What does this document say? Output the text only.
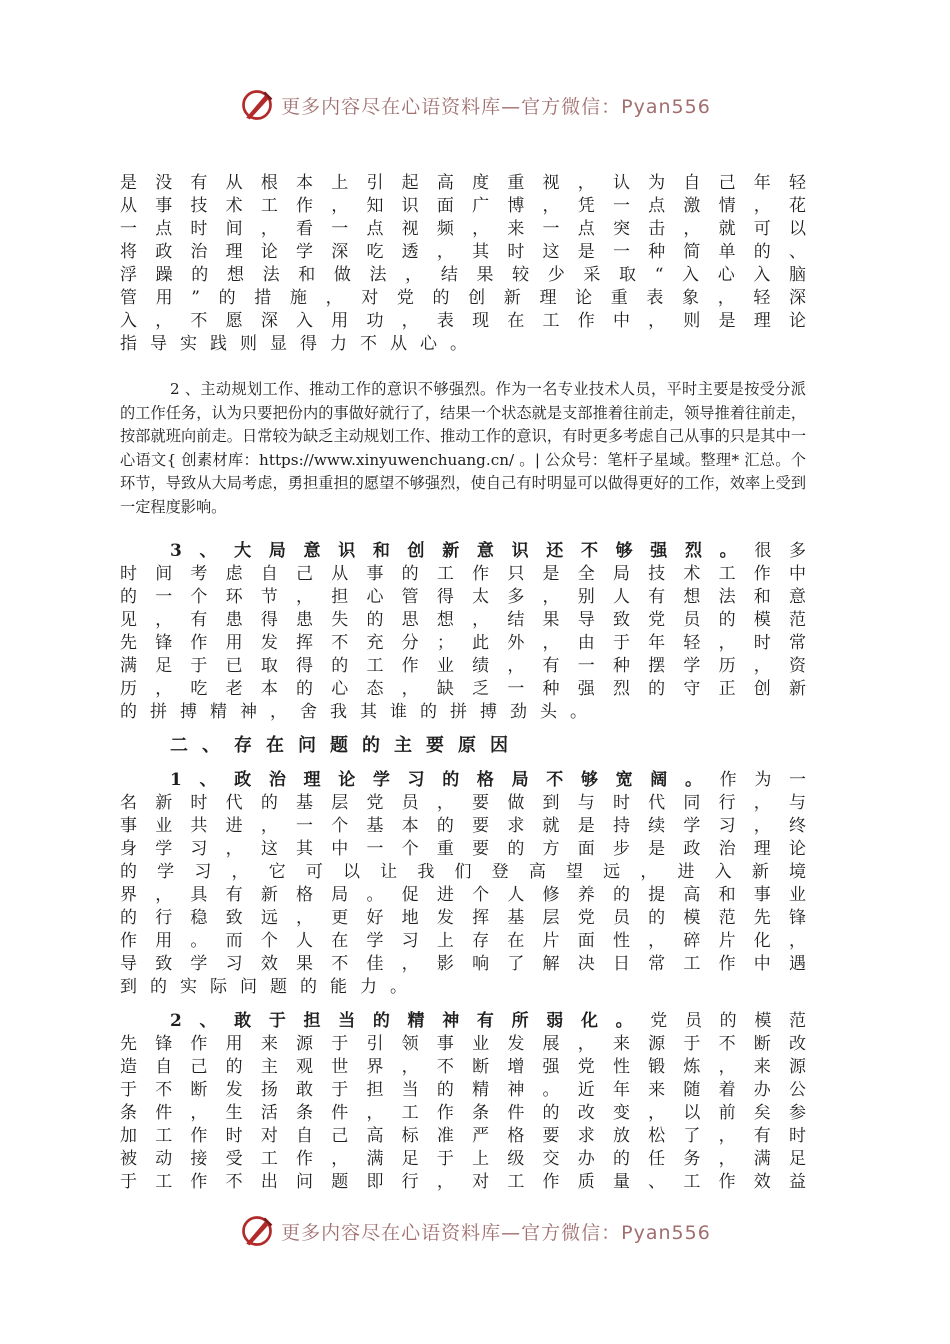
更多内容尽在心语资料库—官方微信：Pyan556
是没有从根本上引起高度重视，认为自己年轻
从事技术工作，知识面广博，凭一点激情，花
一点时间，看一点视频，来一点突击，就可以
将政治理论学深吃透，其时这是一种简单的、
浮躁的想法和做法，结果较少采取“入心入脑
管用”的措施，对党的创新理论重表象，轻深
入，不愿深入用功，表现在工作中，则是理论
指导实践则显得力不从心。
2 、主动规划工作、推动工作的意识不够强烈。作为一名专业技术人员，平时主要是按受分派的工作任务，认为只要把份内的事做好就行了，结果一个状态就是支部推着往前走，领导推着往前走，按部就班向前走。日常较为缺乏主动规划工作、推动工作的意识，有时更多考虑自己从事的只是其中一心语文{ 创素材库：https://www.xinyuwenchuang.cn/ 。| 公众号：笔杆子星域。整理* 汇总。个环节，导致从大局考虑，勇担重担的愿望不够强烈，使自己有时明显可以做得更好的工作，效率上受到一定程度影响。
3、大局意识和创新意识还不够强烈。很多
时间考虑自己从事的工作只是全局技术工作中
的一个环节，担心管得太多，别人有想法和意
见，有患得患失的思想，结果导致党员的模范
先锋作用发挥不充分；此外，由于年轻，时常
满足于已取得的工作业绩，有一种摆学历，资
历，吃老本的心态，缺乏一种强烈的守正创新
的拼搏精神，舍我其谁的拼搏劲头。
二、存在问题的主要原因
1、政治理论学习的格局不够宽阔。作为一
名新时代的基层党员，要做到与时代同行，与
事业共进，一个基本的要求就是持续学习，终
身学习，这其中一个重要的方面步是政治理论
的学习，它可以让我们登高望远，进入新境
界，具有新格局。促进个人修养的提高和事业
的行稳致远，更好地发挥基层党员的模范先锋
作用。而个人在学习上存在片面性，碎片化，
导致学习效果不佳，影响了解决日常工作中遇
到的实际问题的能力。
2、敢于担当的精神有所弱化。党员的模范
先锋作用来源于引领事业发展，来源于不断改
造自己的主观世界，不断增强党性锻炼，来源
于不断发扬敢于担当的精神。近年来随着办公
条件，生活条件，工作条件的改变，以前矣参
加工作时对自己高标准严格要求放松了，有时
被动接受工作，满足于上级交办的任务，满足
于工作不出问题即行，对工作质量、工作效益
更多内容尽在心语资料库—官方微信：Pyan556
